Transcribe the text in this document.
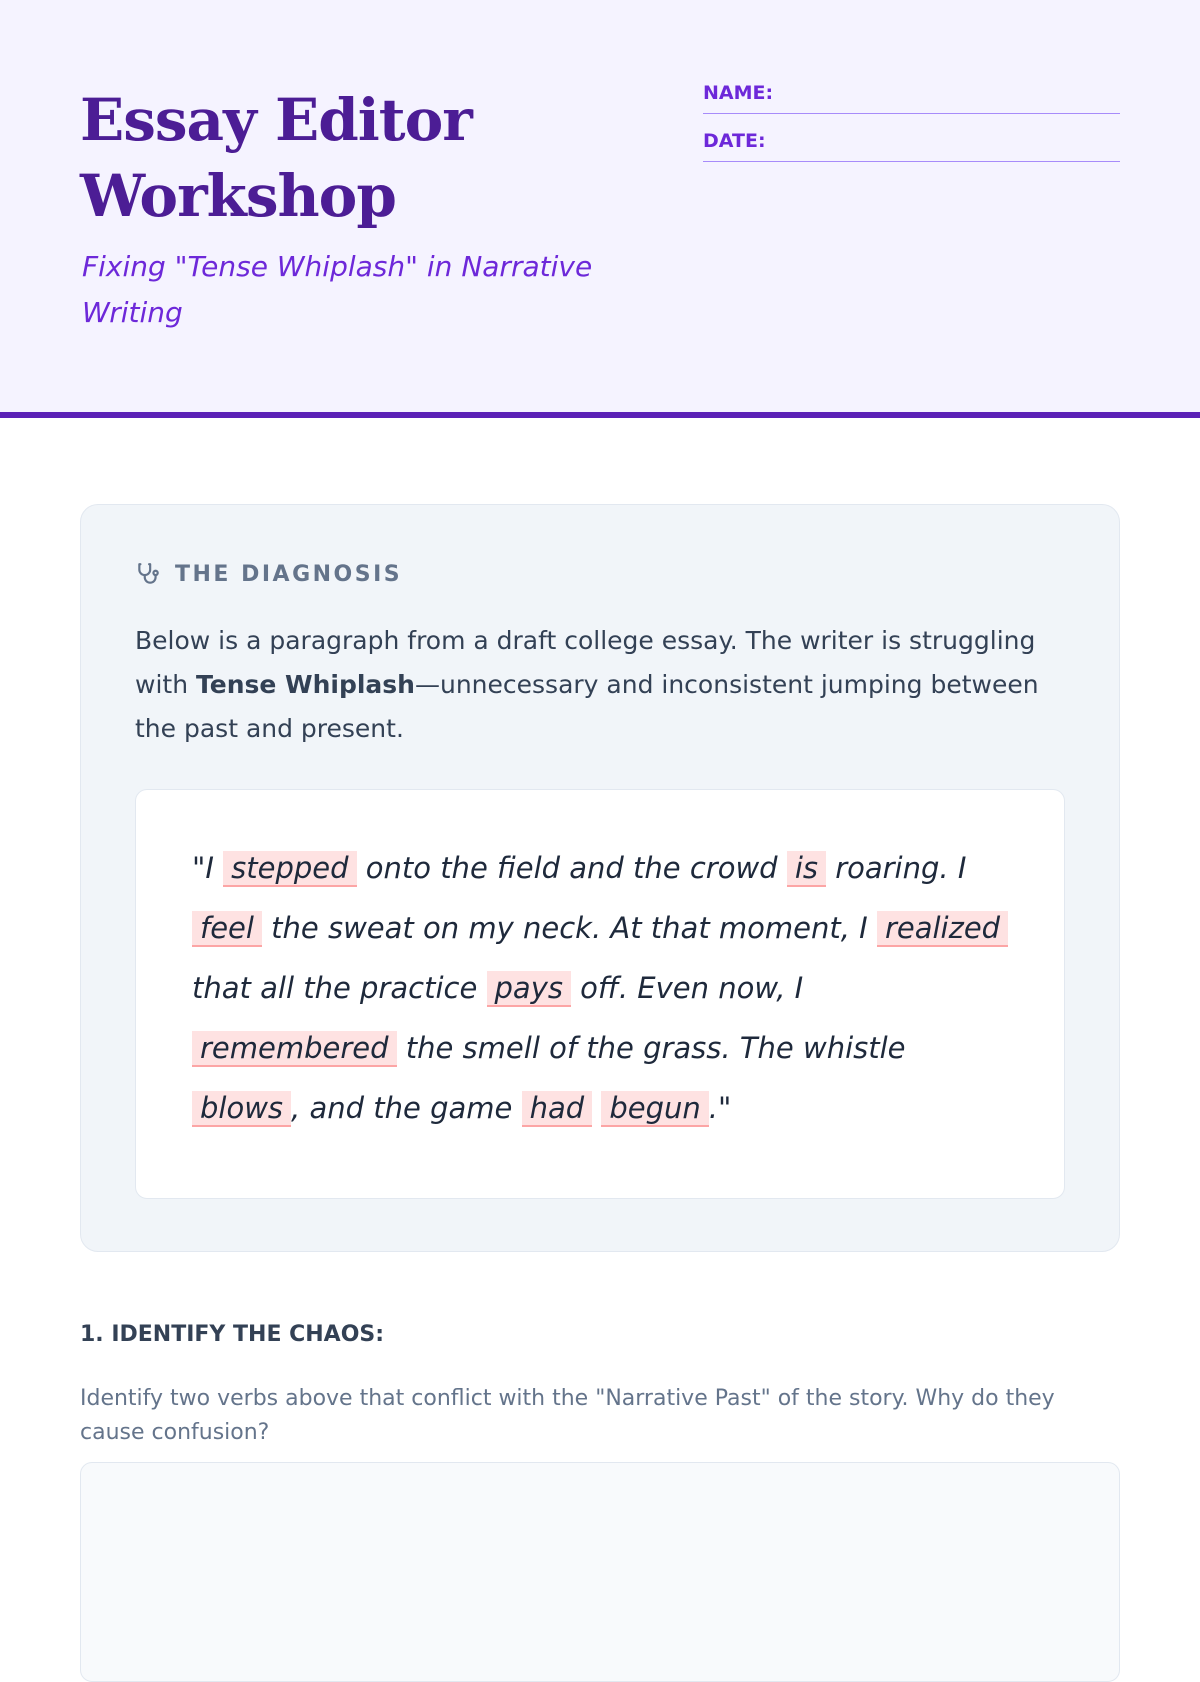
Essay Editor
Workshop

Fixing "Tense Whiplash" in Narrative Writing

NAME:
DATE:
THE DIAGNOSIS

Below is a paragraph from a draft college essay. The writer is struggling with Tense Whiplash—unnecessary and inconsistent jumping between the past and present.

"I stepped onto the field and the crowd is roaring. I feel the sweat on my neck. At that moment, I realized that all the practice pays off. Even now, I remembered the smell of the grass. The whistle blows , and the game had begun ."

1. IDENTIFY THE CHAOS:

Identify two verbs above that conflict with the "Narrative Past" of the story. Why do they cause confusion?
